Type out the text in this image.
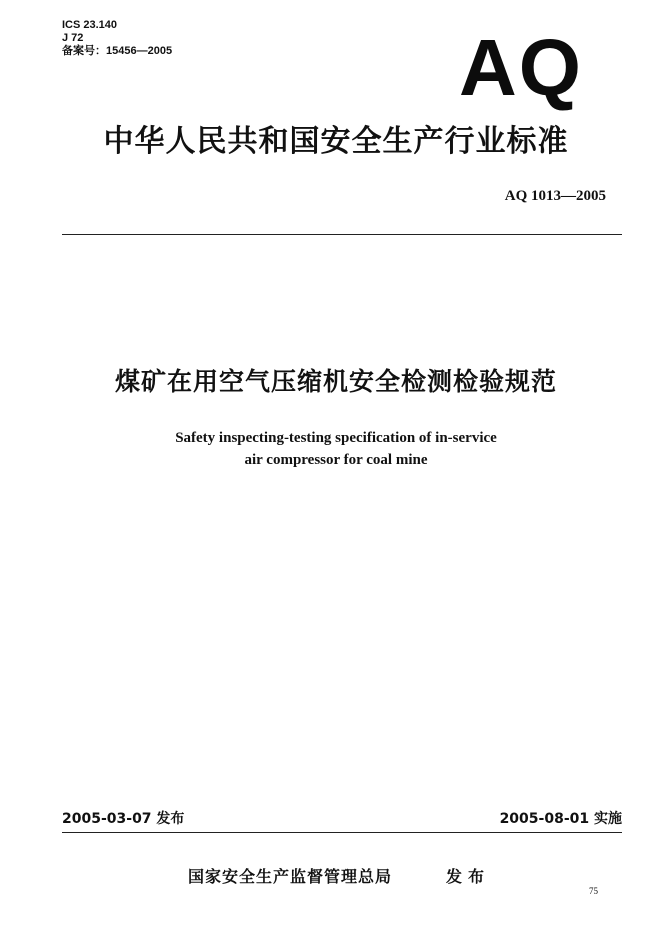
ICS 23.140
J 72
备案号：15456—2005	AQ
中华人民共和国安全生产行业标准
AQ 1013—2005
煤矿在用空气压缩机安全检测检验规范
Safety inspecting-testing specification of in-service
air compressor for coal mine
2005-03-07 发布	2005-08-01 实施
国家安全生产监督管理总局	发布
75
